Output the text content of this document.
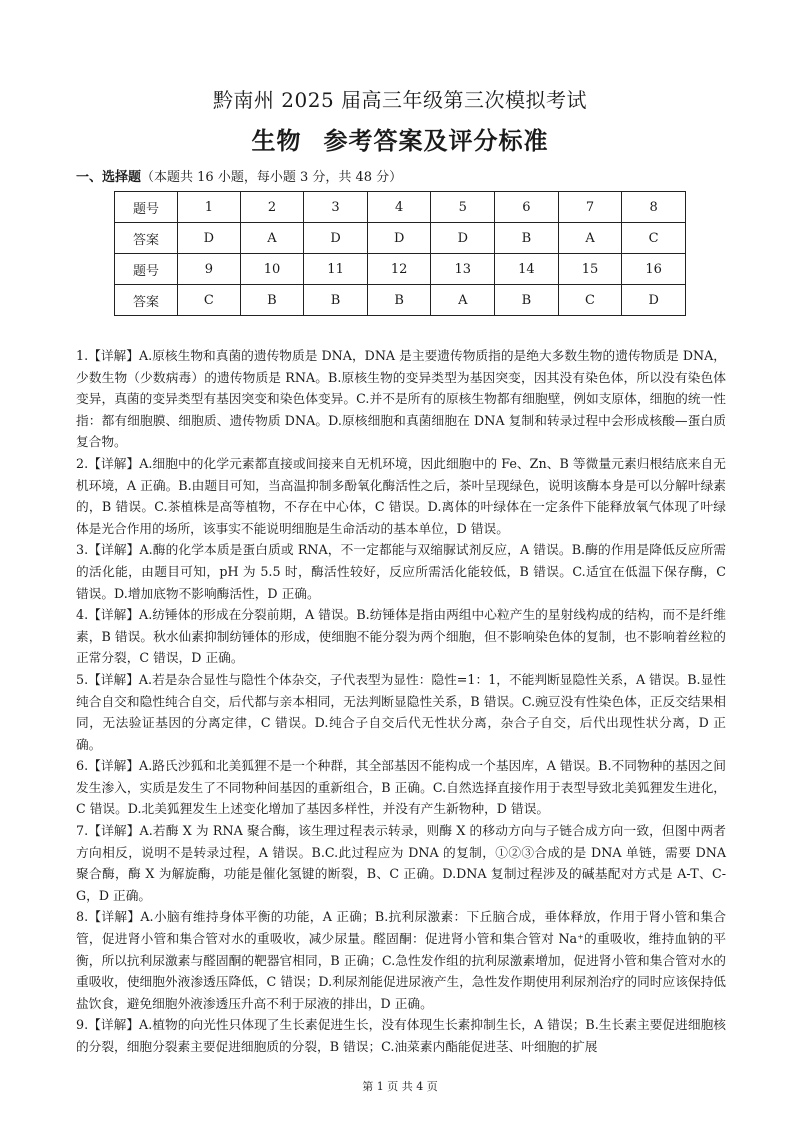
黔南州 2025 届高三年级第三次模拟考试
生物 参考答案及评分标准
一、选择题（本题共 16 小题，每小题 3 分，共 48 分）
题号	1	2	3	4	5	6	7	8
答案	D	A	D	D	D	B	A	C
题号	9	10	11	12	13	14	15	16
答案	C	B	B	B	A	B	C	D

1.【详解】A.原核生物和真菌的遗传物质是 DNA，DNA 是主要遗传物质指的是绝大多数生物的遗传物质是 DNA，少数生物（少数病毒）的遗传物质是 RNA。B.原核生物的变异类型为基因突变，因其没有染色体，所以没有染色体变异，真菌的变异类型有基因突变和染色体变异。C.并不是所有的原核生物都有细胞壁，例如支原体，细胞的统一性指：都有细胞膜、细胞质、遗传物质 DNA。D.原核细胞和真菌细胞在 DNA 复制和转录过程中会形成核酸—蛋白质复合物。

2.【详解】A.细胞中的化学元素都直接或间接来自无机环境，因此细胞中的 Fe、Zn、B 等微量元素归根结底来自无机环境，A 正确。B.由题目可知，当高温抑制多酚氧化酶活性之后，茶叶呈现绿色，说明该酶本身是可以分解叶绿素的，B 错误。C.茶植株是高等植物，不存在中心体，C 错误。D.离体的叶绿体在一定条件下能释放氧气体现了叶绿体是光合作用的场所，该事实不能说明细胞是生命活动的基本单位，D 错误。

3.【详解】A.酶的化学本质是蛋白质或 RNA，不一定都能与双缩脲试剂反应，A 错误。B.酶的作用是降低反应所需的活化能，由题目可知，pH 为 5.5 时，酶活性较好，反应所需活化能较低，B 错误。C.适宜在低温下保存酶，C 错误。D.增加底物不影响酶活性，D 正确。

4.【详解】A.纺锤体的形成在分裂前期，A 错误。B.纺锤体是指由两组中心粒产生的星射线构成的结构，而不是纤维素，B 错误。秋水仙素抑制纺锤体的形成，使细胞不能分裂为两个细胞，但不影响染色体的复制，也不影响着丝粒的正常分裂，C 错误，D 正确。

5.【详解】A.若是杂合显性与隐性个体杂交，子代表型为显性：隐性=1：1，不能判断显隐性关系，A 错误。B.显性纯合自交和隐性纯合自交，后代都与亲本相同，无法判断显隐性关系，B 错误。C.豌豆没有性染色体，正反交结果相同，无法验证基因的分离定律，C 错误。D.纯合子自交后代无性状分离，杂合子自交，后代出现性状分离，D 正确。

6.【详解】A.路氏沙狐和北美狐狸不是一个种群，其全部基因不能构成一个基因库，A 错误。B.不同物种的基因之间发生渗入，实质是发生了不同物种间基因的重新组合，B 正确。C.自然选择直接作用于表型导致北美狐狸发生进化，C 错误。D.北美狐狸发生上述变化增加了基因多样性，并没有产生新物种，D 错误。

7.【详解】A.若酶 X 为 RNA 聚合酶，该生理过程表示转录，则酶 X 的移动方向与子链合成方向一致，但图中两者方向相反，说明不是转录过程，A 错误。B.C.此过程应为 DNA 的复制，①②③合成的是 DNA 单链，需要 DNA 聚合酶，酶 X 为解旋酶，功能是催化氢键的断裂，B、C 正确。D.DNA 复制过程涉及的碱基配对方式是 A-T、C-G，D 正确。

8.【详解】A.小脑有维持身体平衡的功能，A 正确；B.抗利尿激素：下丘脑合成，垂体释放，作用于肾小管和集合管，促进肾小管和集合管对水的重吸收，减少尿量。醛固酮：促进肾小管和集合管对 Na⁺的重吸收，维持血钠的平衡，所以抗利尿激素与醛固酮的靶器官相同，B 正确；C.急性发作组的抗利尿激素增加，促进肾小管和集合管对水的重吸收，使细胞外液渗透压降低，C 错误；D.利尿剂能促进尿液产生，急性发作期使用利尿剂治疗的同时应该保持低盐饮食，避免细胞外液渗透压升高不利于尿液的排出，D 正确。

9.【详解】A.植物的向光性只体现了生长素促进生长，没有体现生长素抑制生长，A 错误；B.生长素主要促进细胞核的分裂，细胞分裂素主要促进细胞质的分裂，B 错误；C.油菜素内酯能促进茎、叶细胞的扩展

第 1 页 共 4 页
